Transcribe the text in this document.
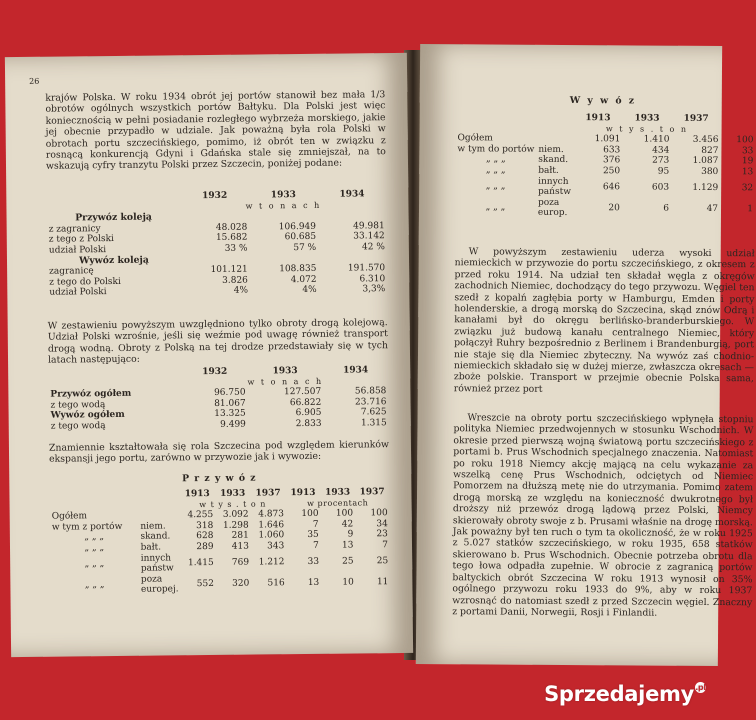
26

krajów Polska. W roku 1934 obrót jej portów stanowił bez mała 1/3 obrotów ogólnych wszystkich portów Bałtyku. Dla Polski jest więc koniecznością w pełni posiadanie rozległego wybrzeża morskiego, jakie jej obecnie przypadło w udziale. Jak poważną była rola Polski w obrotach portu szczecińskiego, pomimo, iż obrót ten w związku z rosnącą konkurencją Gdyni i Gdańska stale się zmniejszał, na to wskazują cyfry tranzytu Polski przez Szczecin, poniżej podane:

	1932	1933	1934
	w t o n a c h		
Przywóz koleją			
z zagranicy	48.028	106.949	49.981
z tego z Polski	15.682	60.685	33.142
udział Polski	33 %	57 %	42 %
Wywóz koleją			
zagranicę	101.121	108.835	191.570
z tego do Polski	3.826	4.072	6.310
udział Polski	4%	4%	3,3%

W zestawieniu powyższym uwzględniono tylko obroty drogą kolejową. Udział Polski wzrośnie, jeśli się weźmie pod uwagę również transport drogą wodną. Obroty z Polską na tej drodze przedstawiały się w tych latach następująco:

	1932	1933	1934
	w t o n a c h		
Przywóz ogółem	96.750	127.507	56.858
z tego wodą	81.067	66.822	23.716
Wywóz ogółem	13.325	6.905	7.625
z tego wodą	9.499	2.833	1.315

Znamiennie kształtowała się rola Szczecina pod względem kierunków ekspansji jego portu, zarówno w przywozie jak i wywozie:

P r z y w ó z
		1913	1933	1937	1913	1933	1937
		w t y s . t o n			w procentach		
Ogółem		4.255	3.092	4.873	100	100	100
w tym z portów	niem.	318	1.298	1.646	7	42	34
„ „ „	skand.	628	281	1.060	35	9	23
„ „ „	bałt.	289	413	343	7	13	7
„ „ „	innych państw	1.415	769	1.212	33	25	25
„ „ „	poza europej.	552	320	516	13	10	11
W y w ó z
		1913	1933	1937	
		w t y s . t o n			
Ogółem		1.091	1.410	3.456	100
w tym do portów	niem.	633	434	827	33
„ „ „	skand.	376	273	1.087	19
„ „ „	bałt.	250	95	380	13
„ „ „	innych państw	646	603	1.129	32
„ „ „	poza europ.	20	6	47	1

W powyższym zestawieniu uderza wysoki udział niemieckich w przywozie do portu szczecińskiego, z okresem z przed roku 1914. Na udział ten składał węgla z okręgów zachodnich Niemiec, dochodzący do tego przywozu. Węgiel ten szedł z kopalń zagłębia porty w Hamburgu, Emden i porty holenderskie, a drogą morską do Szczecina, skąd znów Odrą i kanałami był do okręgu berlińsko-branderburskiego. W związku już budową kanału centralnego Niemiec, który połączył Ruhry bezpośrednio z Berlinem i Brandenburgią, port nie staje się dla Niemiec zbyteczny. Na wywóz zaś chodnio-niemieckich składało się w dużej mierze, zwłaszcza okresach — zboże polskie. Transport w przejmie obecnie Polska sama, również przez port

Wreszcie na obroty portu szczecińskiego wpłynęła stopniu polityka Niemiec przedwojennych w stosunku Wschodnich. W okresie przed pierwszą wojną światową portu szczecińskiego z portami b. Prus Wschodnich specjalnego znaczenia. Natomiast po roku 1918 Niemcy akcję mającą na celu wykazanie za wszelką cenę Prus Wschodnich, odciętych od Niemiec Pomorzem na dłuższą metę nie do utrzymania. Pomimo zatem drogą morską ze względu na konieczność dwukrotnego był droższy niż przewóz drogą lądową przez Polski, Niemcy skierowały obroty swoje z b. Prusami właśnie na drogę morską. Jak poważny był ten ruch o tym ta okoliczność, że w roku 1925 z 5.027 statków szczecińskiego, w roku 1935, 658 statków skierowano b. Prus Wschodnich. Obecnie potrzeba obrotu dla tego łowa odpadła zupełnie. W obrocie z zagranicą portów baltyckich obrót Szczecina W roku 1913 wynosił on 35% ogólnego przywozu roku 1933 do 9%, aby w roku 1937 wzrosnąć do natomiast szedł z przed Szczecin węgiel. Znaczny z portami Danii, Norwegii, Rosji i Finlandii.

Sprzedajemy.pl
